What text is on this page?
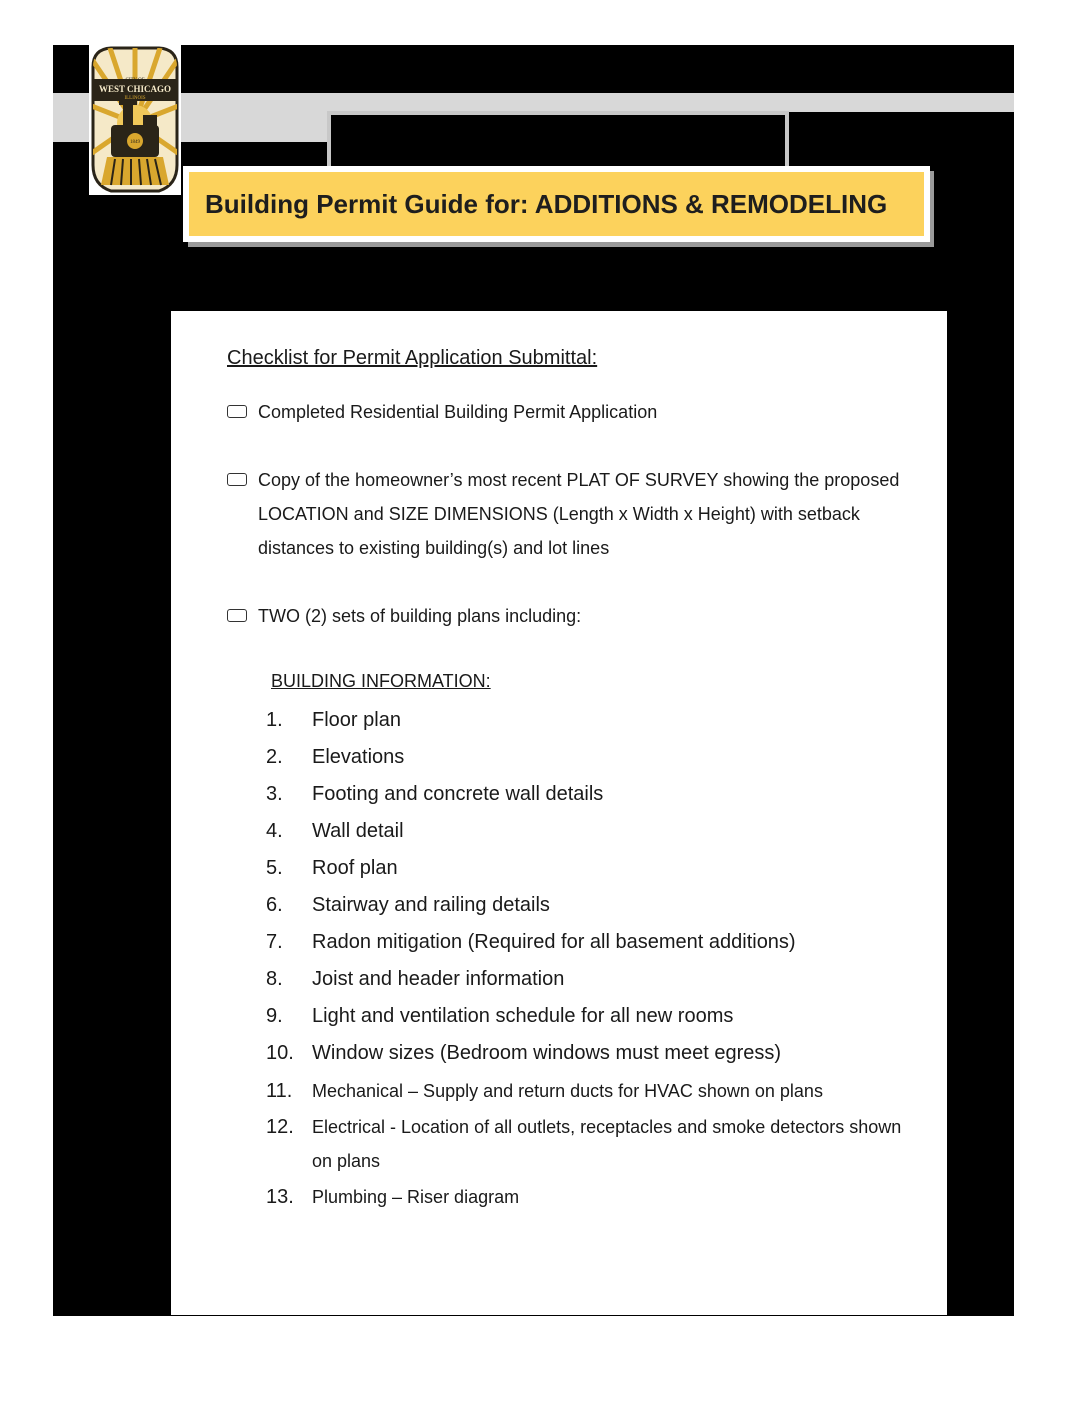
CITY OF
WEST CHICAGO
ILLINOIS
1849
Building Permit Guide for: ADDITIONS & REMODELING
Checklist for Permit Application Submittal:
Completed Residential Building Permit Application
Copy of the homeowner’s most recent PLAT OF SURVEY showing the proposed LOCATION and SIZE DIMENSIONS (Length x Width x Height) with setback distances to existing building(s) and lot lines
TWO (2) sets of building plans including:
BUILDING INFORMATION:
1.	Floor plan
2.	Elevations
3.	Footing and concrete wall details
4.	Wall detail
5.	Roof plan
6.	Stairway and railing details
7.	Radon mitigation (Required for all basement additions)
8.	Joist and header information
9.	Light and ventilation schedule for all new rooms
10. Window sizes (Bedroom windows must meet egress)
11.	Mechanical – Supply and return ducts for HVAC shown on plans
12.	Electrical - Location of all outlets, receptacles and smoke detectors shown on plans
13.	Plumbing – Riser diagram
